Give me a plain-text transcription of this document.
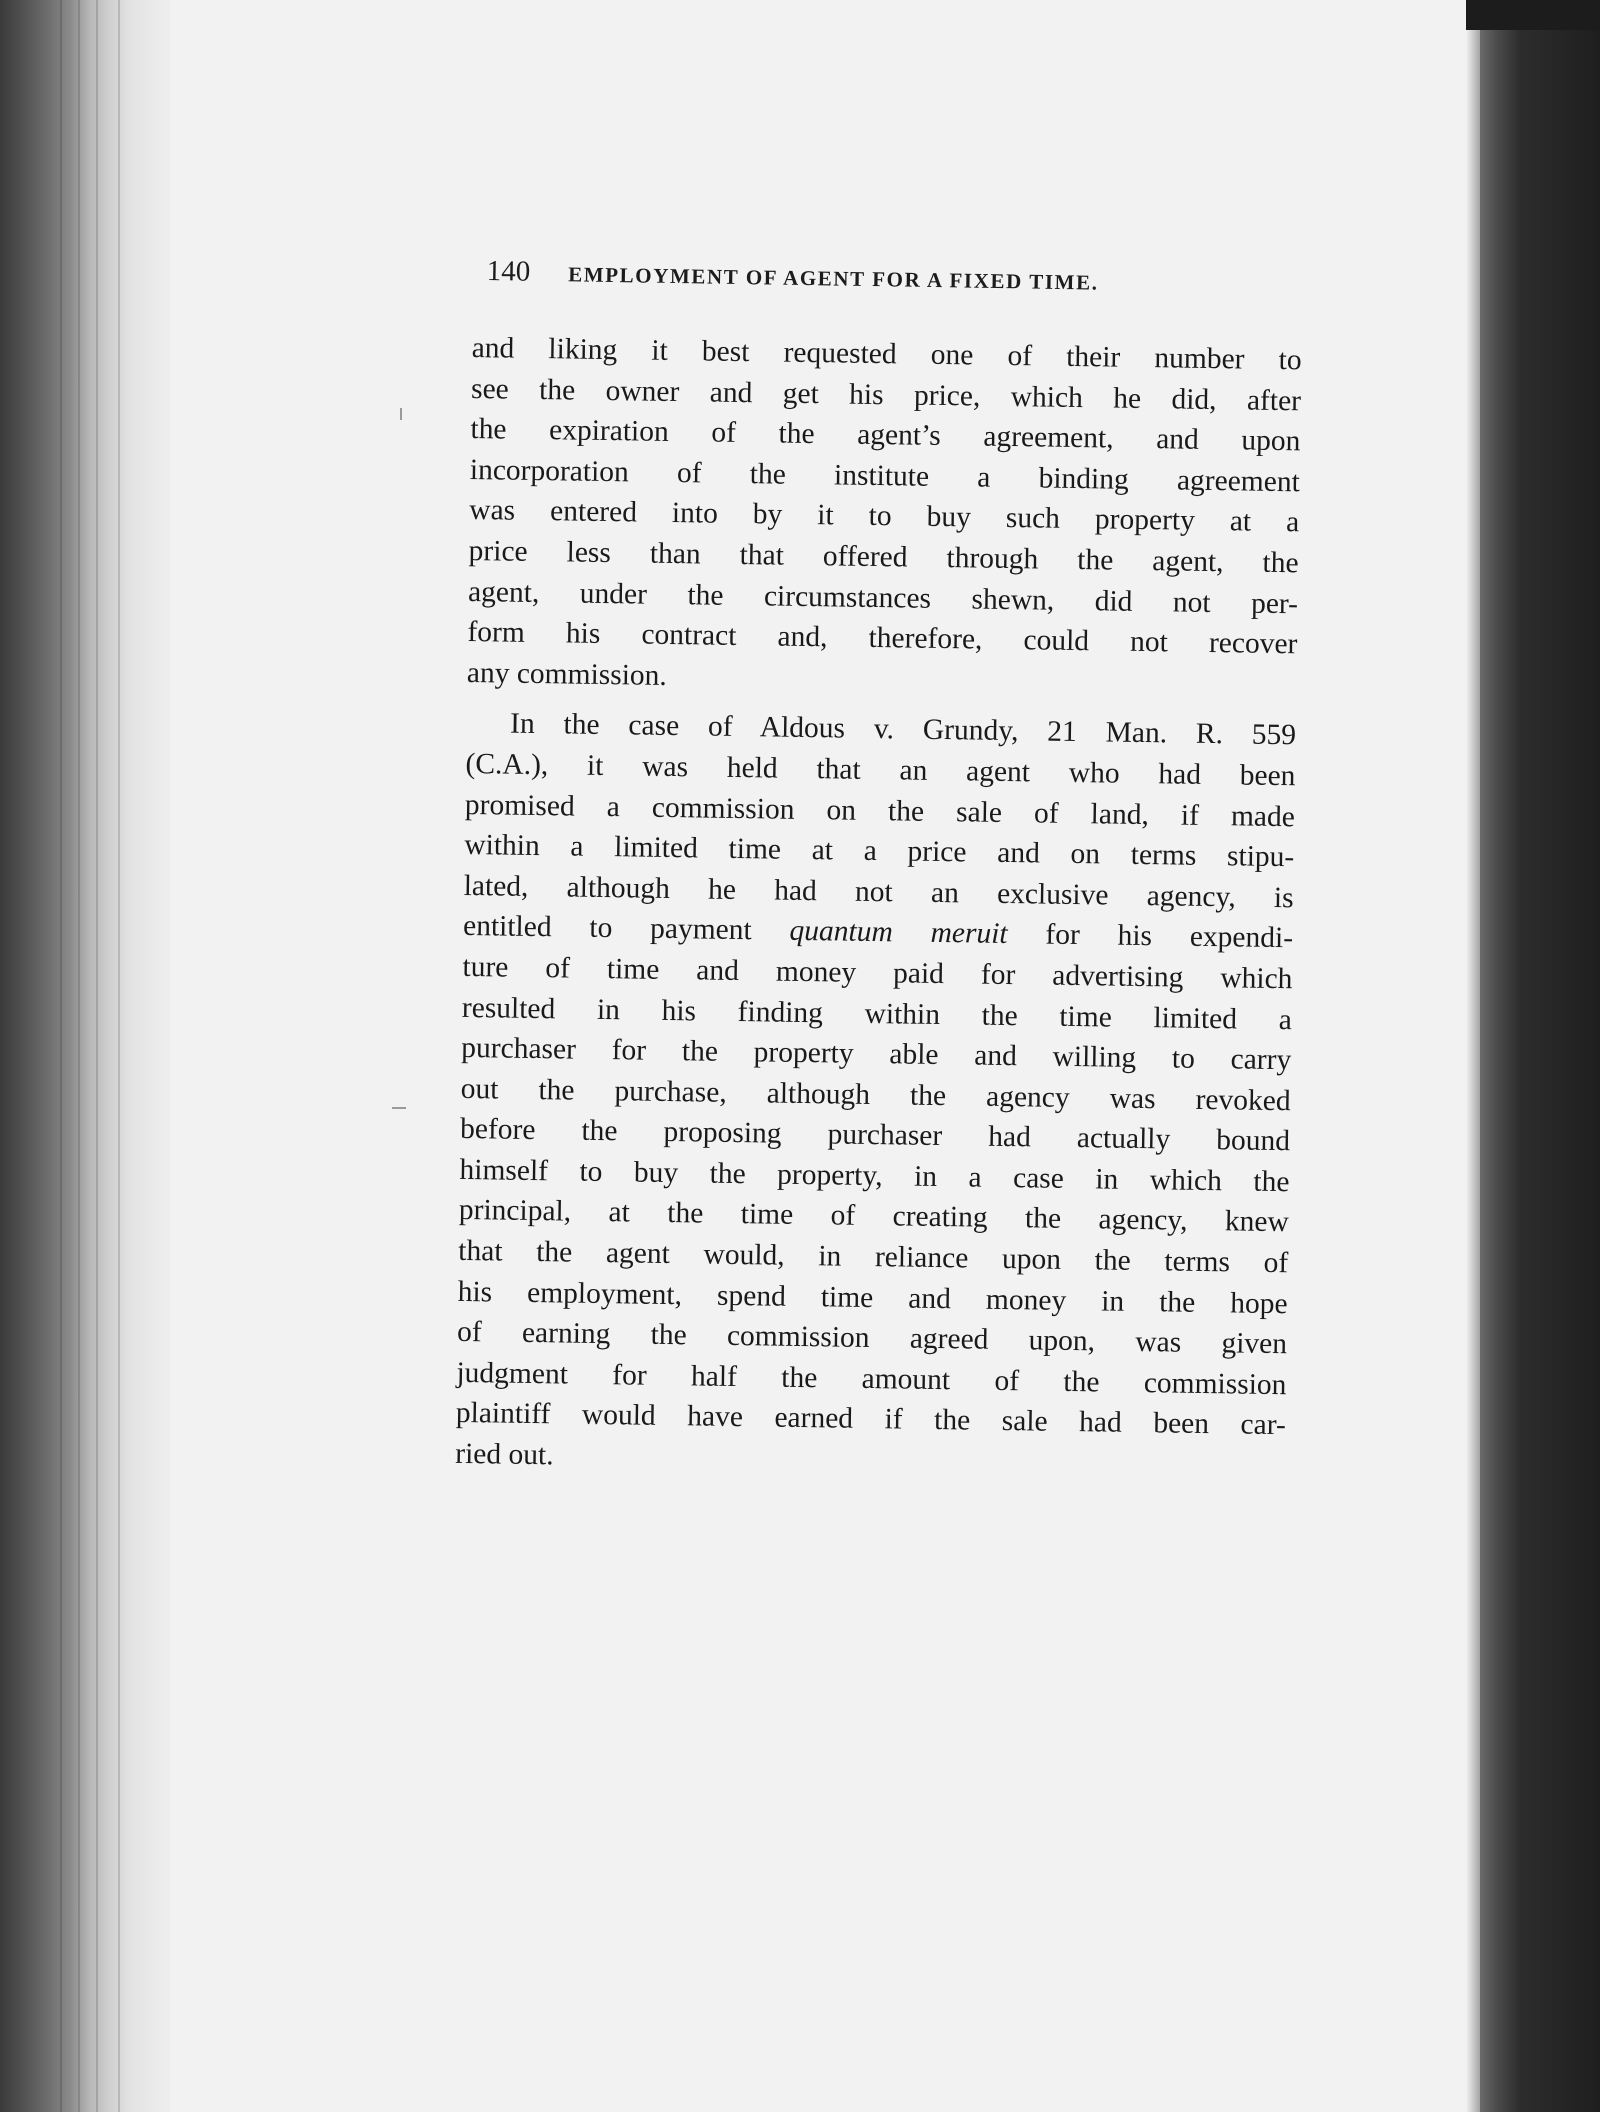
140 EMPLOYMENT OF AGENT FOR A FIXED TIME.

and liking it best requested one of their number to
see the owner and get his price, which he did, after
the expiration of the agent’s agreement, and upon
incorporation of the institute a binding agreement
was entered into by it to buy such property at a
price less than that offered through the agent, the
agent, under the circumstances shewn, did not per-
form his contract and, therefore, could not recover
any commission.

In the case of Aldous v. Grundy, 21 Man. R. 559
(C.A.), it was held that an agent who had been
promised a commission on the sale of land, if made
within a limited time at a price and on terms stipu-
lated, although he had not an exclusive agency, is
entitled to payment quantum meruit for his expendi-
ture of time and money paid for advertising which
resulted in his finding within the time limited a
purchaser for the property able and willing to carry
out the purchase, although the agency was revoked
before the proposing purchaser had actually bound
himself to buy the property, in a case in which the
principal, at the time of creating the agency, knew
that the agent would, in reliance upon the terms of
his employment, spend time and money in the hope
of earning the commission agreed upon, was given
judgment for half the amount of the commission
plaintiff would have earned if the sale had been car-
ried out.
